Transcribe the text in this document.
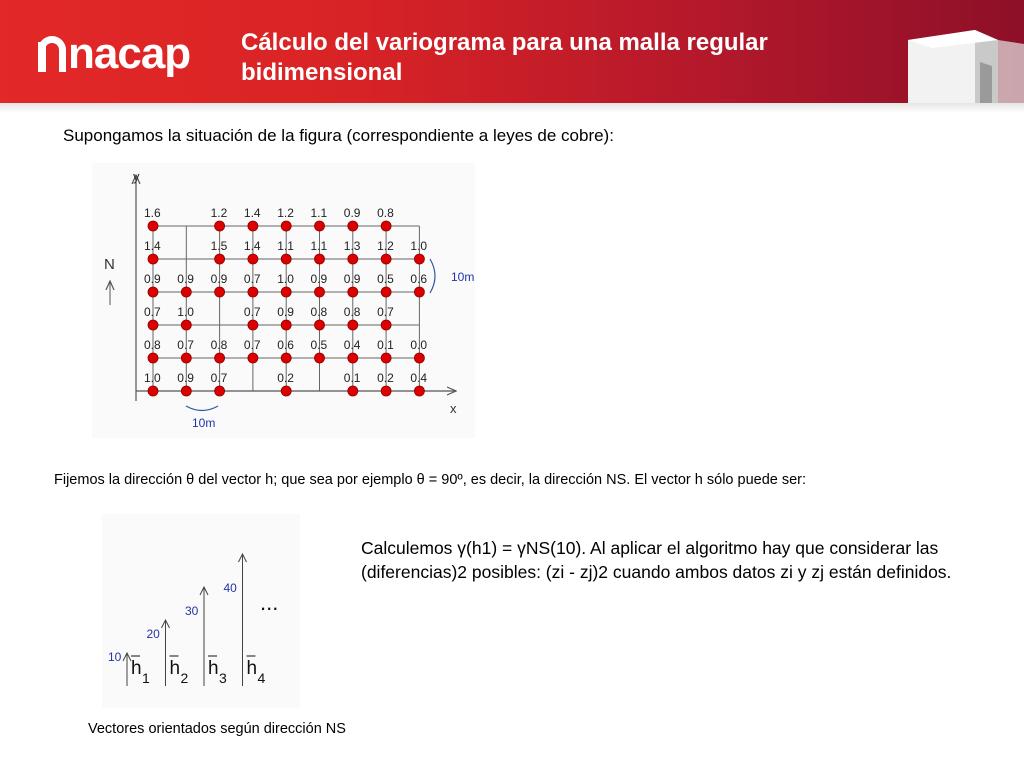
nacap Cálculo del variograma para una malla regular
bidimensional
Supongamos la situación de la figura (correspondiente a leyes de cobre):
y
x
N
10m
10m
1.6	1.2 1.4 1.2 1.1 0.9 0.8
1.4	1.5 1.4 1.1 1.1 1.3 1.2 1.0
0.9 0.9 0.9 0.7 1.0 0.9 0.9 0.5 0.6
0.7 1.0	0.7 0.9 0.8 0.8 0.7
0.8 0.7 0.8 0.7 0.6 0.5 0.4 0.1 0.0
1.0 0.9 0.7	0.2	0.1 0.2 0.4
Fijemos la dirección θ del vector h; que sea por ejemplo θ = 90º, es decir, la dirección NS. El vector h sólo puede ser:
10
h 1
20
h 2
30
h 3
40
h 4
...
Calculemos γ(h1) = γNS(10). Al aplicar el algoritmo hay que considerar las (diferencias)2 posibles: (zi - zj)2 cuando ambos datos zi y zj están definidos.
Vectores orientados según dirección NS
